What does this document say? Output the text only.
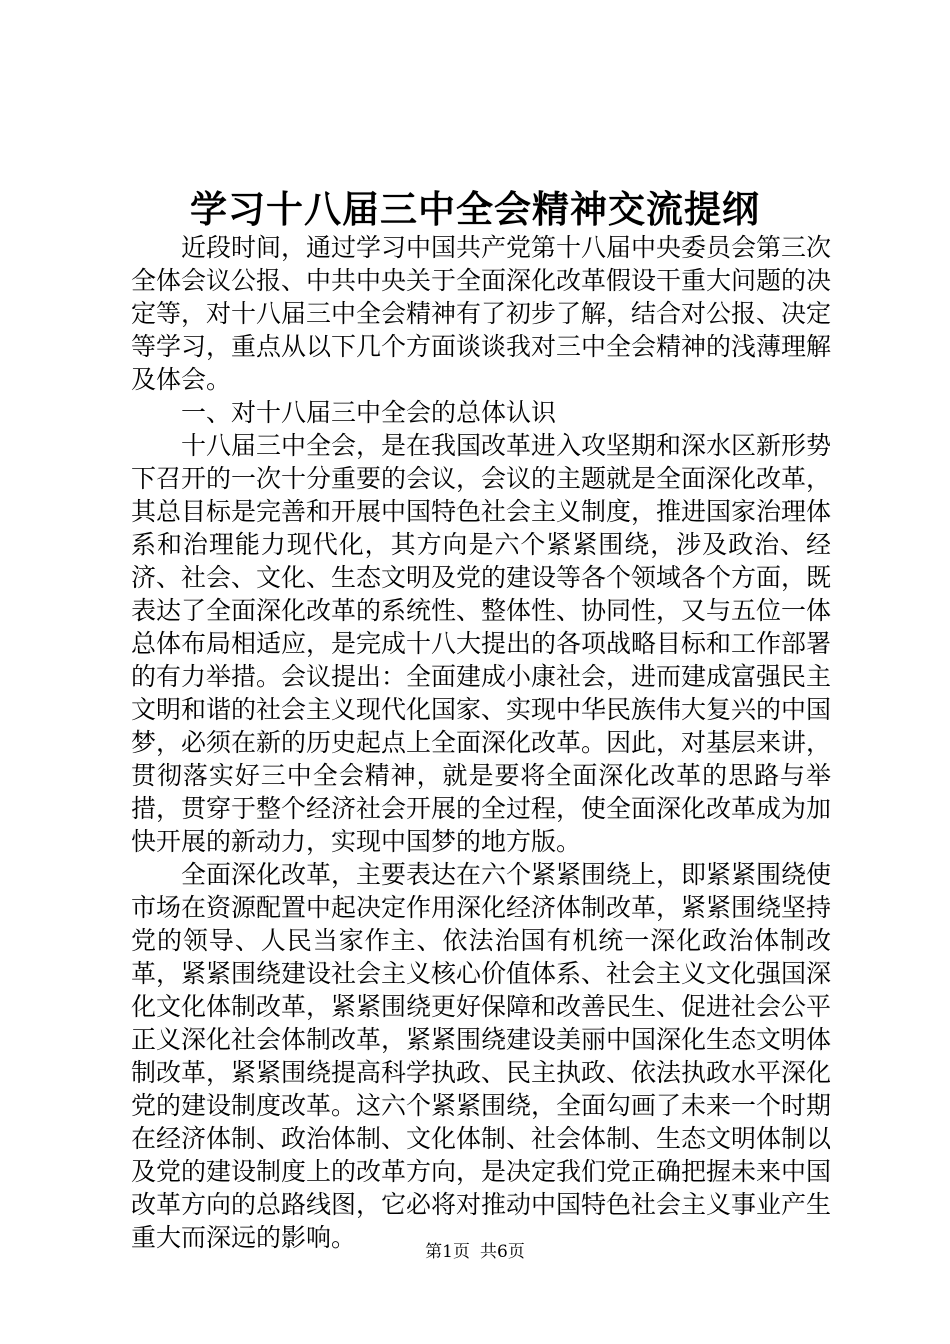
学习十八届三中全会精神交流提纲

近段时间，通过学习中国共产党第十八届中央委员会第三次全体会议公报、中共中央关于全面深化改革假设干重大问题的决定等，对十八届三中全会精神有了初步了解，结合对公报、决定等学习，重点从以下几个方面谈谈我对三中全会精神的浅薄理解及体会。

一、对十八届三中全会的总体认识

十八届三中全会，是在我国改革进入攻坚期和深水区新形势下召开的一次十分重要的会议，会议的主题就是全面深化改革，其总目标是完善和开展中国特色社会主义制度，推进国家治理体系和治理能力现代化，其方向是六个紧紧围绕，涉及政治、经济、社会、文化、生态文明及党的建设等各个领域各个方面，既表达了全面深化改革的系统性、整体性、协同性，又与五位一体总体布局相适应，是完成十八大提出的各项战略目标和工作部署的有力举措。会议提出：全面建成小康社会，进而建成富强民主文明和谐的社会主义现代化国家、实现中华民族伟大复兴的中国梦，必须在新的历史起点上全面深化改革。因此，对基层来讲，贯彻落实好三中全会精神，就是要将全面深化改革的思路与举措，贯穿于整个经济社会开展的全过程，使全面深化改革成为加快开展的新动力，实现中国梦的地方版。

全面深化改革，主要表达在六个紧紧围绕上，即紧紧围绕使市场在资源配置中起决定作用深化经济体制改革，紧紧围绕坚持党的领导、人民当家作主、依法治国有机统一深化政治体制改革，紧紧围绕建设社会主义核心价值体系、社会主义文化强国深化文化体制改革，紧紧围绕更好保障和改善民生、促进社会公平正义深化社会体制改革，紧紧围绕建设美丽中国深化生态文明体制改革，紧紧围绕提高科学执政、民主执政、依法执政水平深化党的建设制度改革。这六个紧紧围绕，全面勾画了未来一个时期在经济体制、政治体制、文化体制、社会体制、生态文明体制以及党的建设制度上的改革方向，是决定我们党正确把握未来中国改革方向的总路线图，它必将对推动中国特色社会主义事业产生重大而深远的影响。	第1页 共6页
